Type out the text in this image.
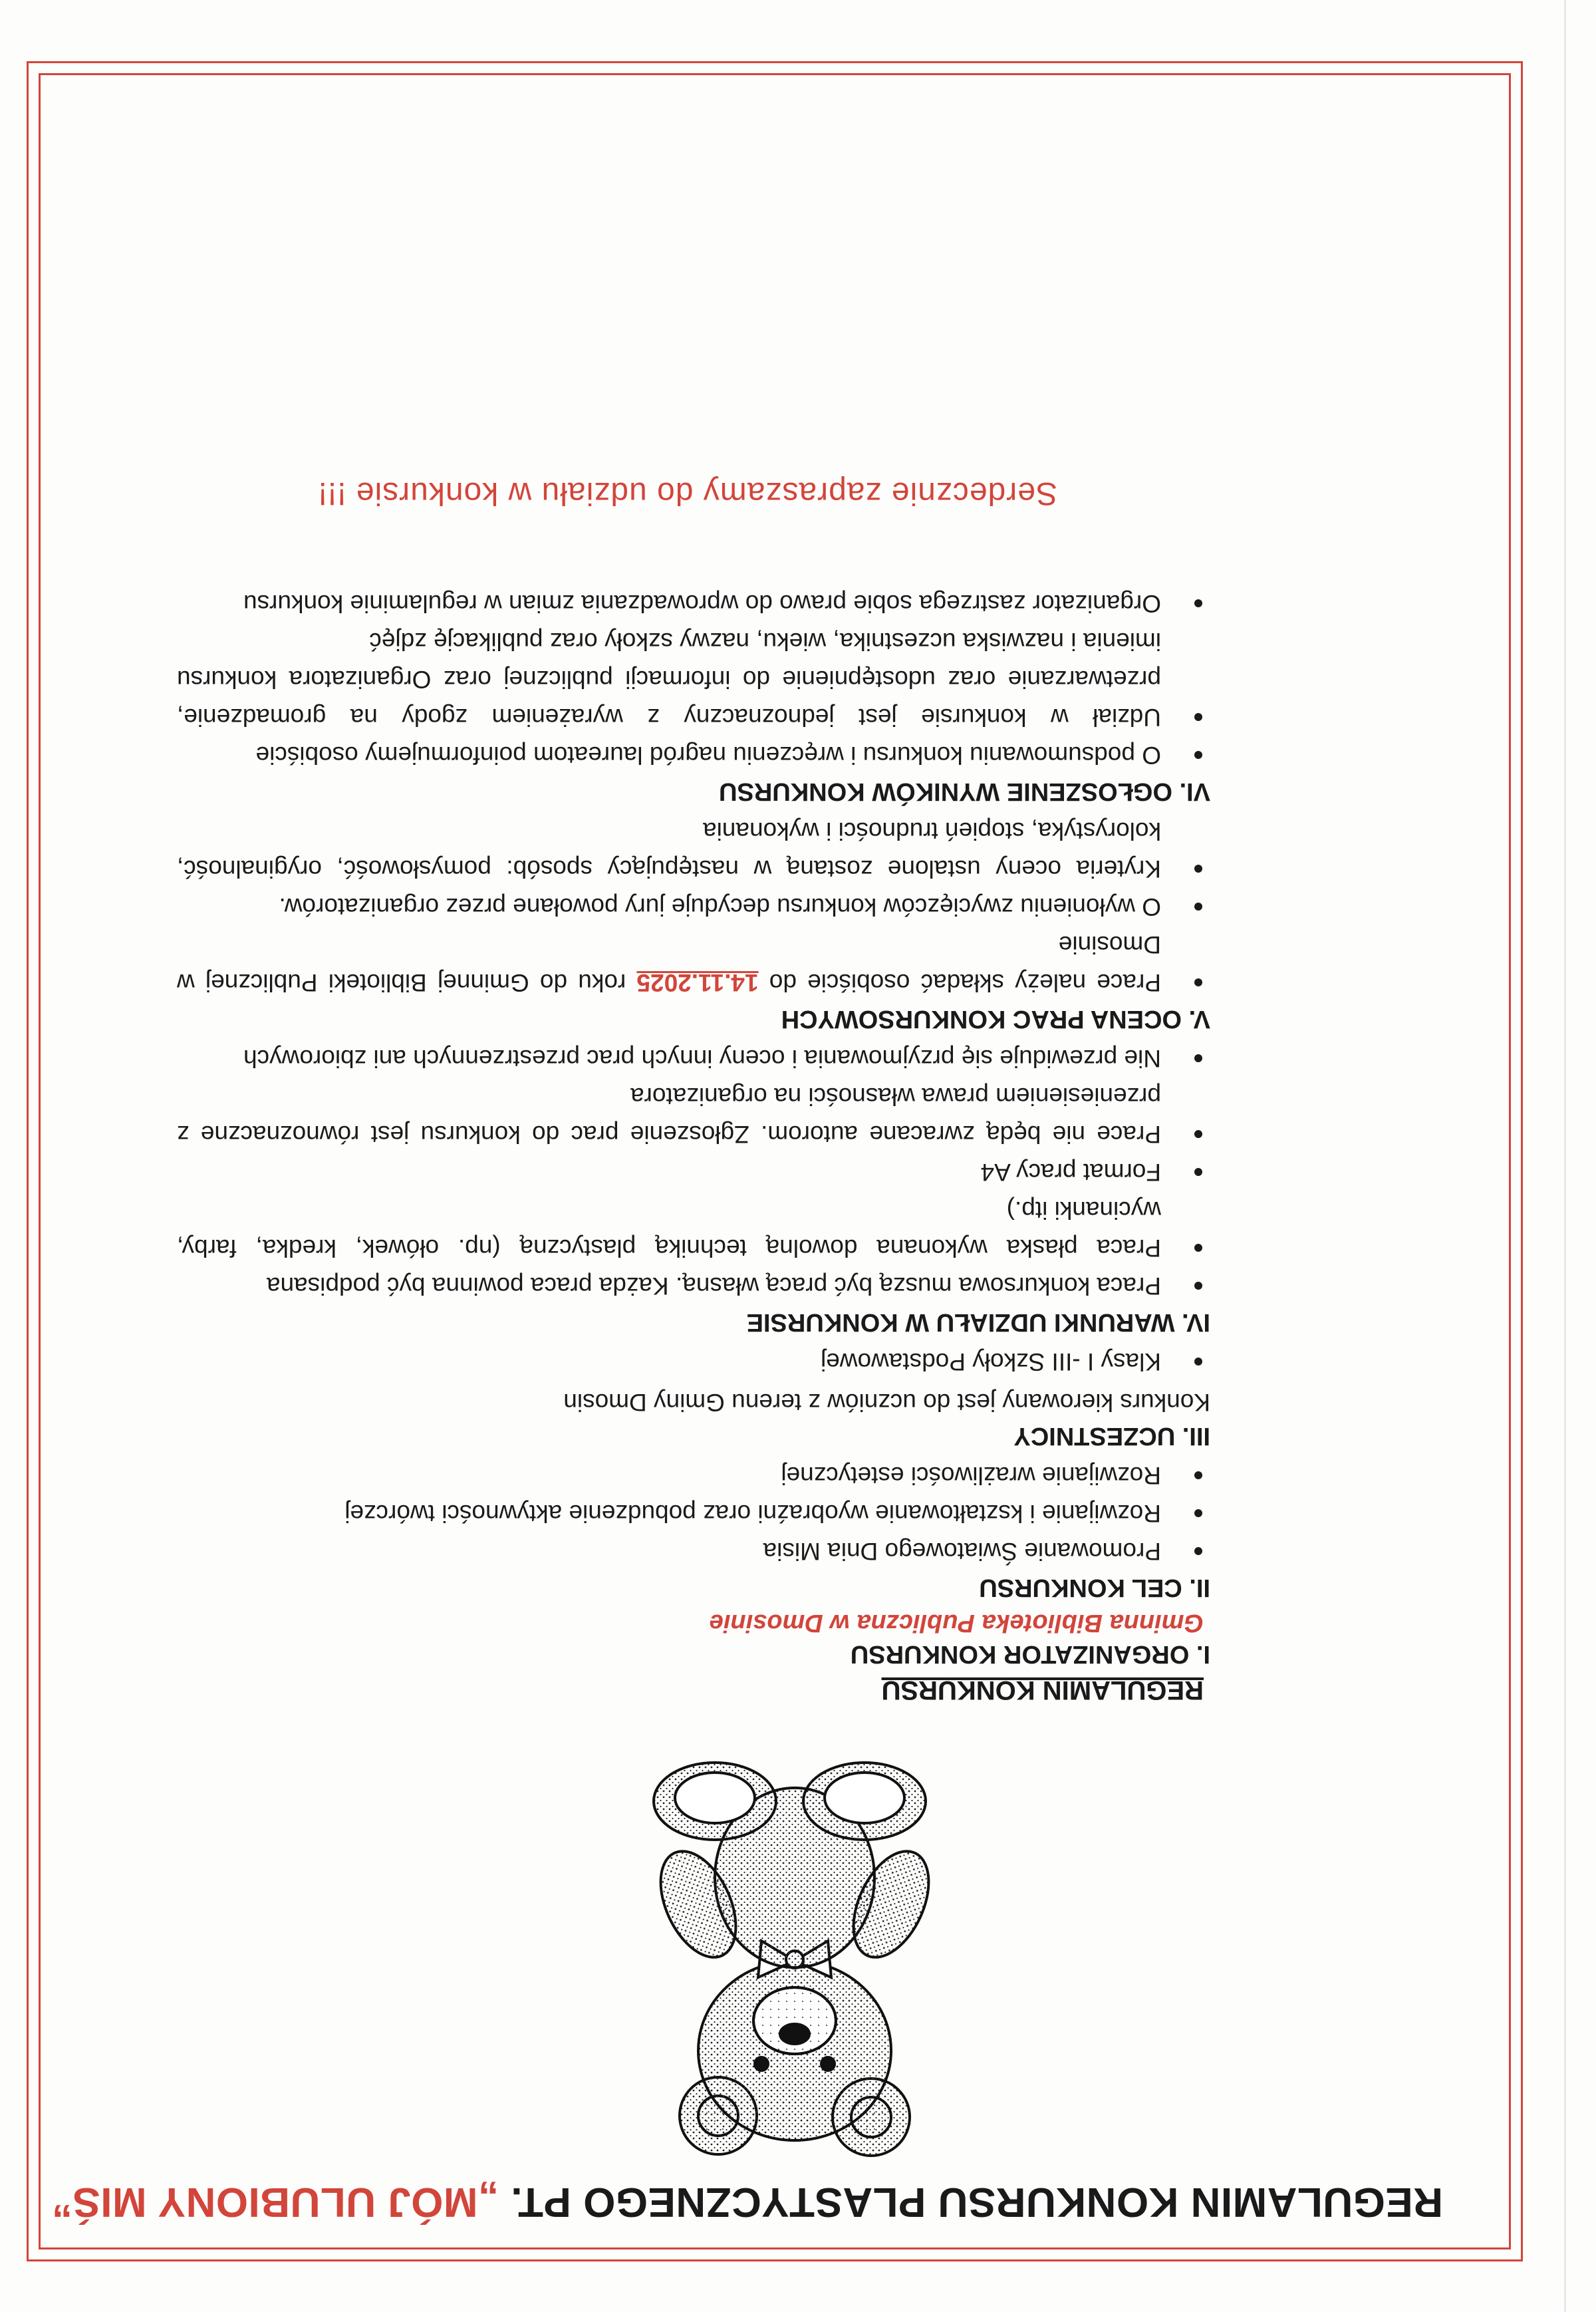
REGULAMIN KONKURSU PLASTYCZNEGO PT. „MÓJ ULUBIONY MIŚ”
REGULAMIN KONKURSU
I. ORGANIZATOR KONKURSU
Gminna Biblioteka Publiczna w Dmosinie
II. CEL KONKURSU
Promowanie Światowego Dnia Misia
Rozwijanie i kształtowanie wyobraźni oraz pobudzenie aktywności twórczej
Rozwijanie wrażliwości estetycznej
III. UCZESTNICY
Konkurs kierowany jest do uczniów z terenu Gminy Dmosin
Klasy I -III Szkoły Podstawowej
IV. WARUNKI UDZIAŁU W KONKURSIE
Praca konkursowa muszą być pracą własną. Każda praca powinna być podpisana
Praca płaska wykonana dowolną techniką plastyczną (np. ołówek, kredka, farby, wycinanki itp.)
Format pracy A4
Prace nie będą zwracane autorom. Zgłoszenie prac do konkursu jest równoznaczne z przeniesieniem prawa własności na organizatora
Nie przewiduje się przyjmowania i oceny innych prac przestrzennych ani zbiorowych
V. OCENA PRAC KONKURSOWYCH
Prace należy składać osobiście do 14.11.2025 roku do Gminnej Biblioteki Publicznej w Dmosinie
O wyłonieniu zwycięzców konkursu decyduje jury powołane przez organizatorów.
Kryteria oceny ustalone zostaną w następujący sposób: pomysłowość, oryginalność, kolorystyka, stopień trudności i wykonania
VI. OGŁOSZENIE WYNIKÓW KONKURSU
O podsumowaniu konkursu i wręczeniu nagród laureatom poinformujemy osobiście
Udział w konkursie jest jednoznaczny z wyrażeniem zgody na gromadzenie, przetwarzanie oraz udostępnienie do informacji publicznej oraz Organizatora konkursu imienia i nazwiska uczestnika, wieku, nazwy szkoły oraz publikację zdjęć
Organizator zastrzega sobie prawo do wprowadzania zmian w regulaminie konkursu
Serdecznie zapraszamy do udziału w konkursie !!!
